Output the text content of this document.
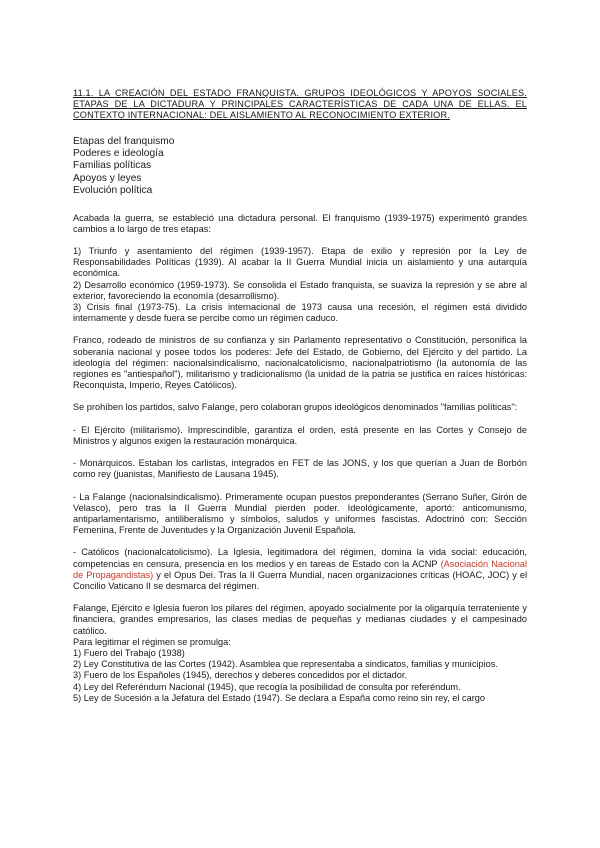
11.1. LA CREACIÓN DEL ESTADO FRANQUISTA. GRUPOS IDEOLÓGICOS Y APOYOS SOCIALES. ETAPAS DE LA DICTADURA Y PRINCIPALES CARACTERÍSTICAS DE CADA UNA DE ELLAS. EL CONTEXTO INTERNACIONAL: DEL AISLAMIENTO AL RECONOCIMIENTO EXTERIOR.
Etapas del franquismo
Poderes e ideología
Familias políticas
Apoyos y leyes
Evolución política

Acabada la guerra, se estableció una dictadura personal. El franquismo (1939-1975) experimentó grandes cambios a lo largo de tres etapas:

1) Triunfo y asentamiento del régimen (1939-1957). Etapa de exilio y represión por la Ley de Responsabilidades Políticas (1939). Al acabar la II Guerra Mundial inicia un aislamiento y una autarquía económica.
2) Desarrollo económico (1959-1973). Se consolida el Estado franquista, se suaviza la represión y se abre al exterior, favoreciendo la economía (desarrollismo).
3) Crisis final (1973-75). La crisis internacional de 1973 causa una recesión, el régimen está dividido internamente y desde fuera se percibe como un régimen caduco.

Franco, rodeado de ministros de su confianza y sin Parlamento representativo o Constitución, personifica la soberanía nacional y posee todos los poderes: Jefe del Estado, de Gobierno, del Ejército y del partido. La ideología del régimen: nacionalsindicalismo, nacionalcatolicismo, nacionalpatriotismo (la autonomía de las regiones es "antiespañol"), militarismo y tradicionalismo (la unidad de la patria se justifica en raíces históricas: Reconquista, Imperio, Reyes Católicos).

Se prohíben los partidos, salvo Falange, pero colaboran grupos ideológicos denominados "familias políticas":

- El Ejército (militarismo). Imprescindible, garantiza el orden, está presente en las Cortes y Consejo de Ministros y algunos exigen la restauración monárquica.

- Monárquicos. Estaban los carlistas, integrados en FET de las JONS, y los que querían a Juan de Borbón como rey (juanistas, Manifiesto de Lausana 1945).

- La Falange (nacionalsindicalismo). Primeramente ocupan puestos preponderantes (Serrano Suñer, Girón de Velasco), pero tras la II Guerra Mundial pierden poder. Ideológicamente, aportó: anticomunismo, antiparlamentarismo, antiliberalismo y símbolos, saludos y uniformes fascistas. Adoctrinó con: Sección Femenina, Frente de Juventudes y la Organización Juvenil Española.

- Católicos (nacionalcatolicismo). La Iglesia, legitimadora del régimen, domina la vida social: educación, competencias en censura, presencia en los medios y en tareas de Estado con la ACNP (Asociación Nacional de Propagandistas) y el Opus Dei. Tras la II Guerra Mundial, nacen organizaciones críticas (HOAC, JOC) y el Concilio Vaticano II se desmarca del régimen.

Falange, Ejército e Iglesia fueron los pilares del régimen, apoyado socialmente por la oligarquía terrateniente y financiera, grandes empresarios, las clases medias de pequeñas y medianas ciudades y el campesinado católico.

Para legitimar el régimen se promulga:
1) Fuero del Trabajo (1938)
2) Ley Constitutiva de las Cortes (1942). Asamblea que representaba a sindicatos, familias y municipios.
3) Fuero de los Españoles (1945), derechos y deberes concedidos por el dictador.
4) Ley del Referéndum Nacional (1945), que recogía la posibilidad de consulta por referéndum.
5) Ley de Sucesión a la Jefatura del Estado (1947). Se declara a España como reino sin rey, el cargo
